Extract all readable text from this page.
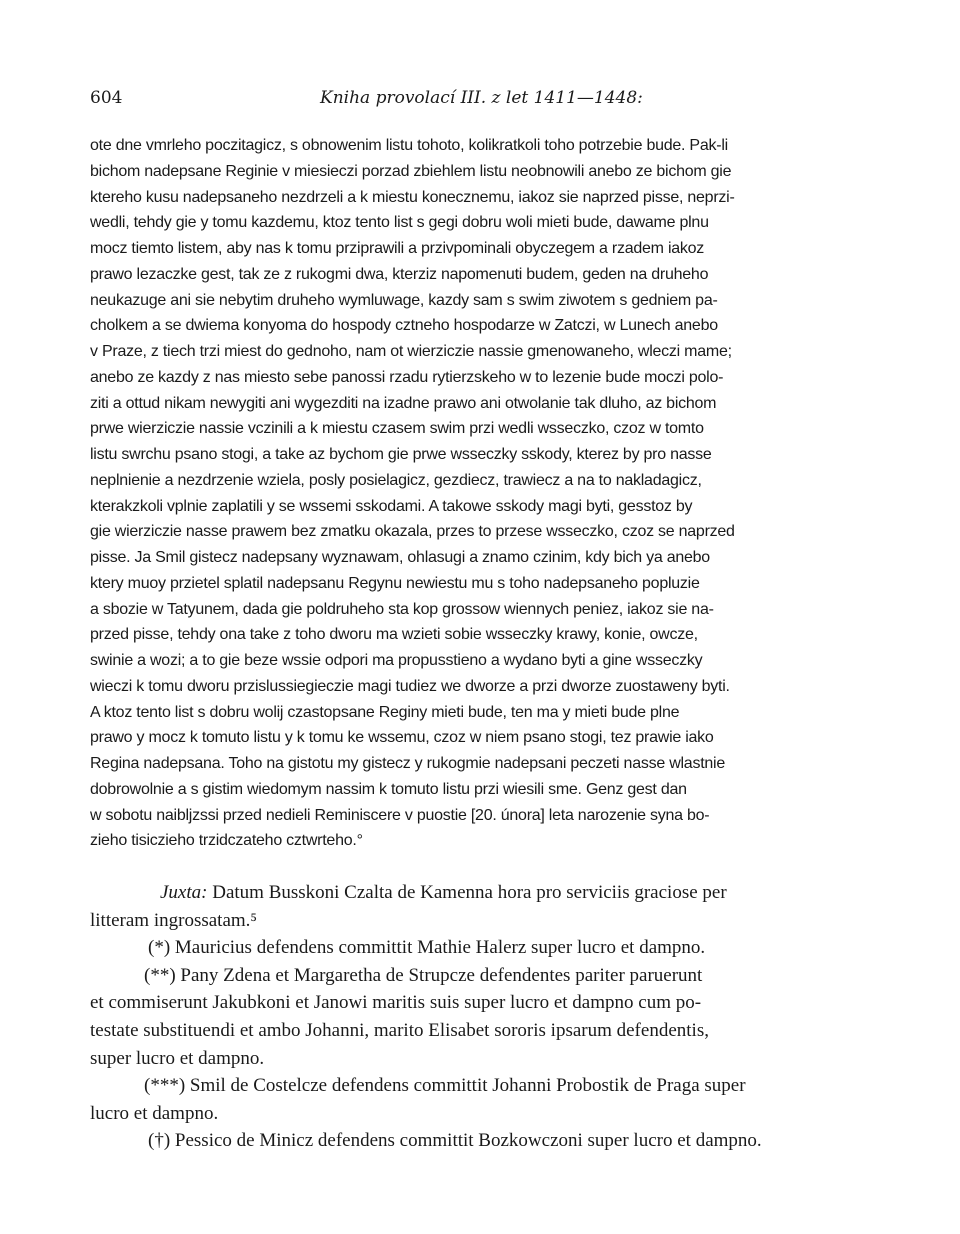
604	Kniha provolací III. z let 1411—1448:
ote dne vmrleho poczitagicz, s obnowenim listu tohoto, kolikratkoli toho potrzebie bude. Pak-li
bichom nadepsane Reginie v miesieczi porzad zbiehlem listu neobnowili anebo ze bichom gie
ktereho kusu nadepsaneho nezdrzeli a k miestu konecznemu, iakoz sie naprzed pisse, neprzi-
wedli, tehdy gie y tomu kazdemu, ktoz tento list s gegi dobru woli mieti bude, dawame plnu
mocz tiemto listem, aby nas k tomu prziprawili a przivpominali obyczegem a rzadem iakoz
prawo lezaczke gest, tak ze z rukogmi dwa, kterziz napomenuti budem, geden na druheho
neukazuge ani sie nebytim druheho wymluwage, kazdy sam s swim ziwotem s gedniem pa-
cholkem a se dwiema konyoma do hospody cztneho hospodarze w Zatczi, w Lunech anebo
v Praze, z tiech trzi miest do gednoho, nam ot wierziczie nassie gmenowaneho, wleczi mame;
anebo ze kazdy z nas miesto sebe panossi rzadu rytierzskeho w to lezenie bude moczi polo-
ziti a ottud nikam newygiti ani wygezditi na izadne prawo ani otwolanie tak dluho, az bichom
prwe wierziczie nassie vczinili a k miestu czasem swim przi wedli wsseczko, czoz w tomto
listu swrchu psano stogi, a take az bychom gie prwe wsseczky sskody, kterez by pro nasse
neplnienie a nezdrzenie wziela, posly posielagicz, gezdiecz, trawiecz a na to nakladagicz,
kterakzkoli vplnie zaplatili y se wssemi sskodami. A takowe sskody magi byti, gesstoz by
gie wierziczie nasse prawem bez zmatku okazala, przes to przese wsseczko, czoz se naprzed
pisse. Ja Smil gistecz nadepsany wyznawam, ohlasugi a znamo czinim, kdy bich ya anebo
ktery muoy przietel splatil nadepsanu Regynu newiestu mu s toho nadepsaneho popluzie
a sbozie w Tatyunem, dada gie poldruheho sta kop grossow wiennych peniez, iakoz sie na-
przed pisse, tehdy ona take z toho dworu ma wzieti sobie wsseczky krawy, konie, owcze,
swinie a wozi; a to gie beze wssie odpori ma propusstieno a wydano byti a gine wsseczky
wieczi k tomu dworu przislussiegieczie magi tudiez we dworze a przi dworze zuostaweny byti.
A ktoz tento list s dobru wolij czastopsane Reginy mieti bude, ten ma y mieti bude plne
prawo y mocz k tomuto listu y k tomu ke wssemu, czoz w niem psano stogi, tez prawie iako
Regina nadepsana. Toho na gistotu my gistecz y rukogmie nadepsani peczeti nasse wlastnie
dobrowolnie a s gistim wiedomym nassim k tomuto listu przi wiesili sme. Genz gest dan
w sobotu naibljzssi przed nedieli Reminiscere v puostie [20. února] leta narozenie syna bo-
zieho tisiczieho trzidczateho cztwrteho.°
Juxta: Datum Busskoni Czalta de Kamenna hora pro serviciis graciose per
litteram ingrossatam.⁵
(*) Mauricius defendens committit Mathie Halerz super lucro et dampno.
(**) Pany Zdena et Margaretha de Strupcze defendentes pariter paruerunt
et commiserunt Jakubkoni et Janowi maritis suis super lucro et dampno cum po-
testate substituendi et ambo Johanni, marito Elisabet sororis ipsarum defendentis,
super lucro et dampno.
(***) Smil de Costelcze defendens committit Johanni Probostik de Praga super
lucro et dampno.
(†) Pessico de Minicz defendens committit Bozkowczoni super lucro et dampno.
